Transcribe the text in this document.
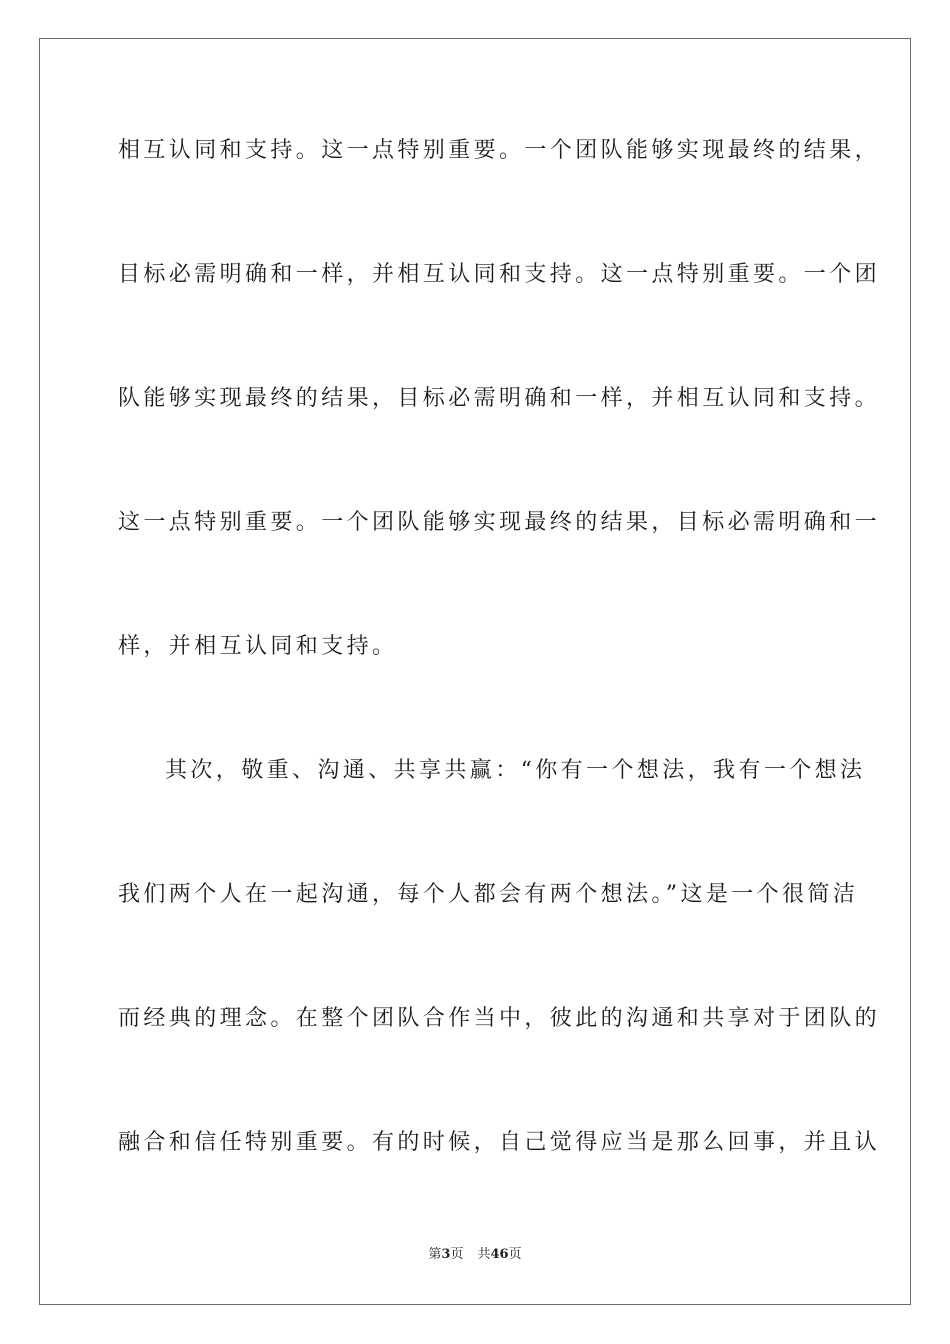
相互认同和支持。这一点特别重要。一个团队能够实现最终的结果，
目标必需明确和一样，并相互认同和支持。这一点特别重要。一个团
队能够实现最终的结果，目标必需明确和一样，并相互认同和支持。
这一点特别重要。一个团队能够实现最终的结果，目标必需明确和一
样，并相互认同和支持。
其次，敬重、沟通、共享共赢：“你有一个想法，我有一个想法
我们两个人在一起沟通，每个人都会有两个想法。”这是一个很简洁
而经典的理念。在整个团队合作当中，彼此的沟通和共享对于团队的
融合和信任特别重要。有的时候，自己觉得应当是那么回事，并且认
第3页 共46页
